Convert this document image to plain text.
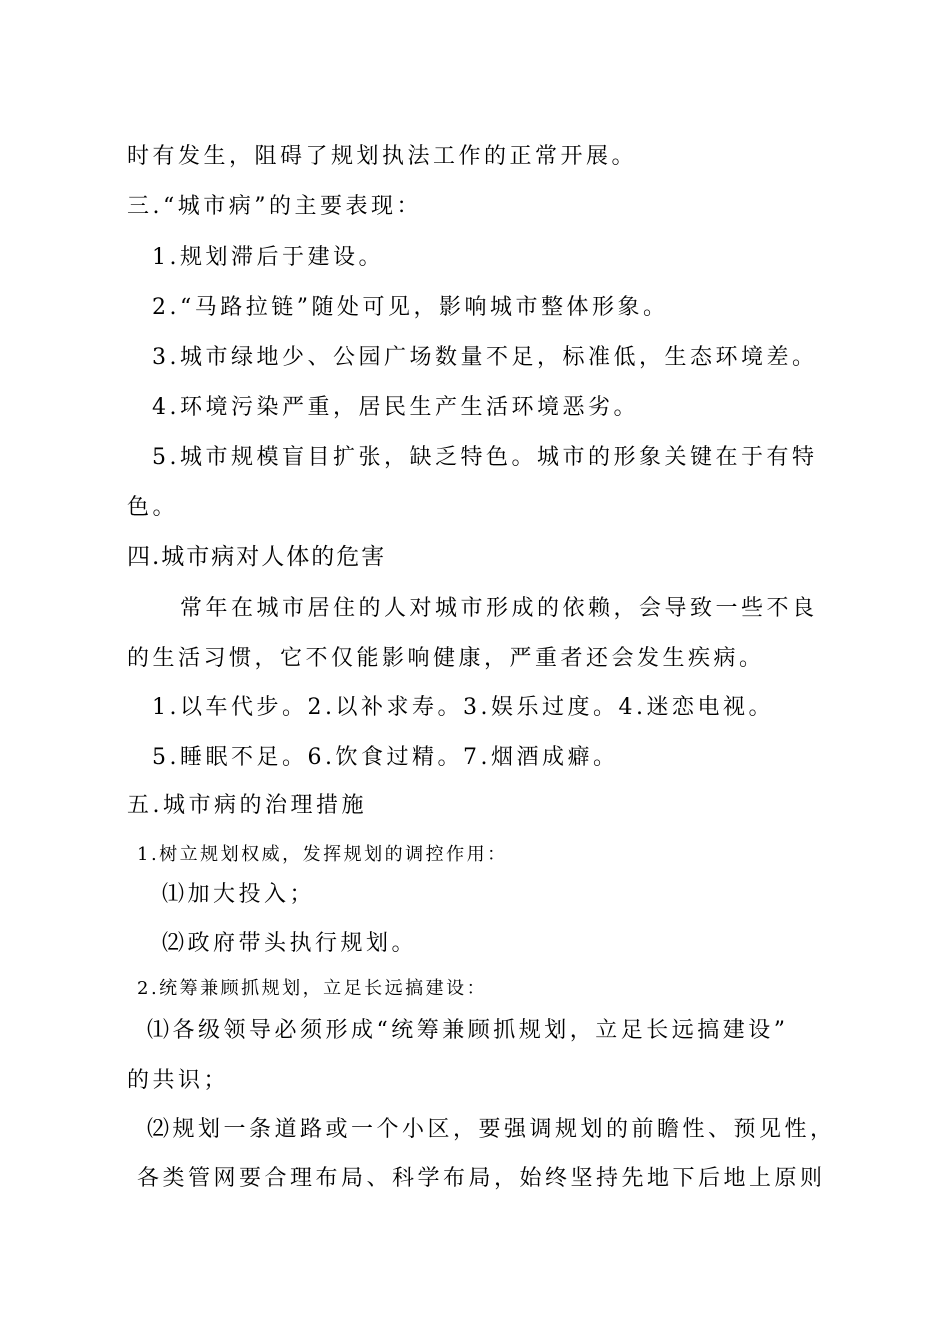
时有发生，阻碍了规划执法工作的正常开展。
三.“城市病”的主要表现：
1.规划滞后于建设。
2.“马路拉链”随处可见，影响城市整体形象。
3.城市绿地少、公园广场数量不足，标准低，生态环境差。
4.环境污染严重，居民生产生活环境恶劣。
5.城市规模盲目扩张，缺乏特色。城市的形象关键在于有特
色。
四.城市病对人体的危害
常年在城市居住的人对城市形成的依赖，会导致一些不良
的生活习惯，它不仅能影响健康，严重者还会发生疾病。
1.以车代步。2.以补求寿。3.娱乐过度。4.迷恋电视。
5.睡眠不足。6.饮食过精。7.烟酒成癖。
五.城市病的治理措施
1.树立规划权威，发挥规划的调控作用：
⑴加大投入；
⑵政府带头执行规划。
2.统筹兼顾抓规划，立足长远搞建设：
⑴各级领导必须形成“统筹兼顾抓规划，立足长远搞建设”
的共识；
⑵规划一条道路或一个小区，要强调规划的前瞻性、预见性，
各类管网要合理布局、科学布局，始终坚持先地下后地上原则
